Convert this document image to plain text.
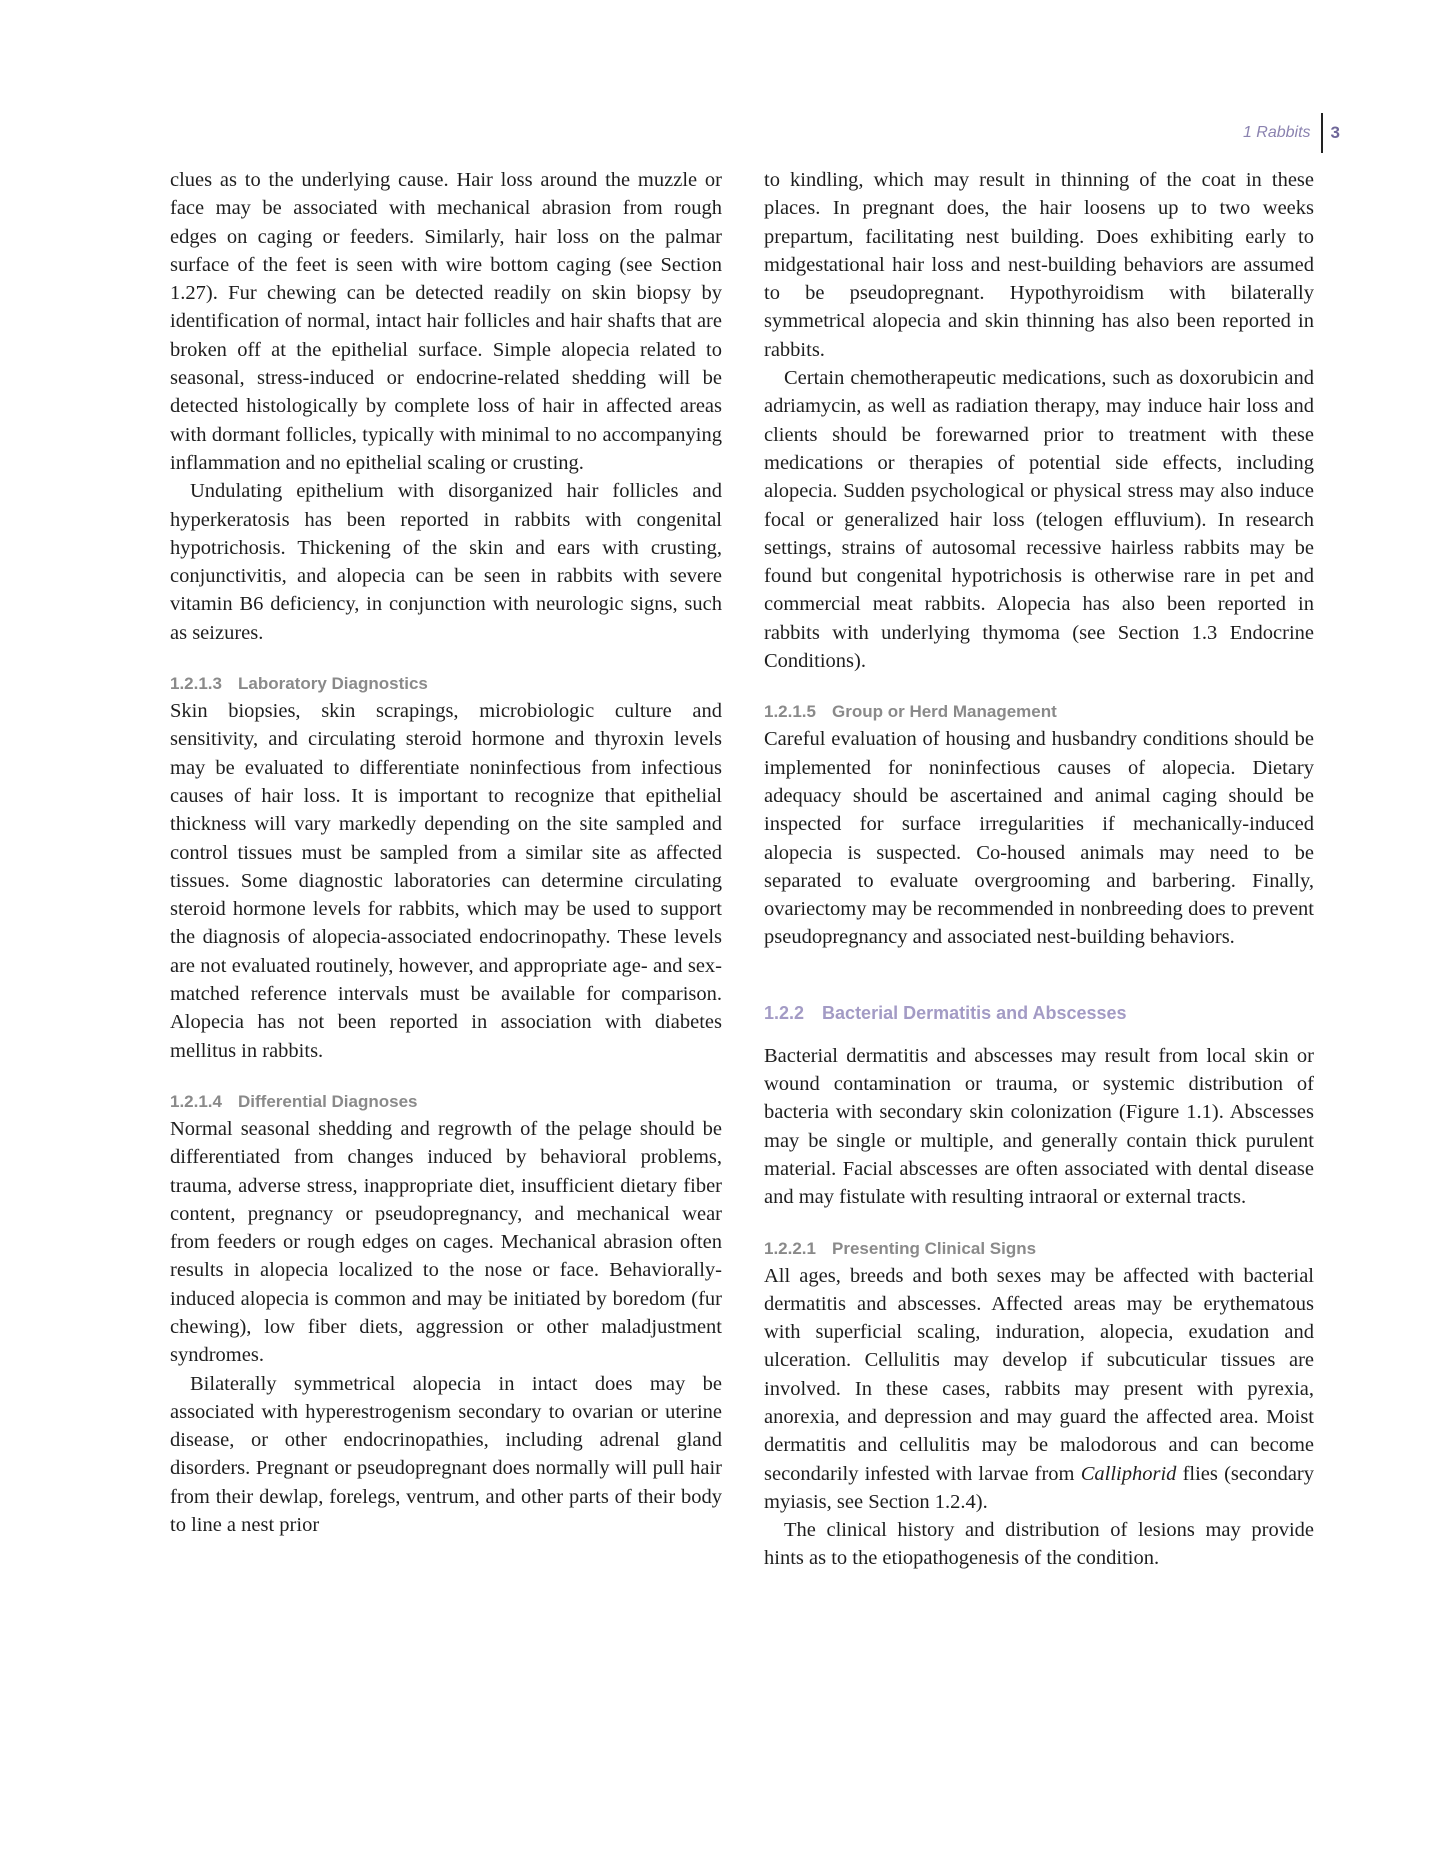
1 Rabbits	3

clues as to the underlying cause. Hair loss around the muzzle or face may be associated with mechanical abrasion from rough edges on caging or feeders. Similarly, hair loss on the palmar surface of the feet is seen with wire bottom caging (see Section 1.27). Fur chewing can be detected readily on skin biopsy by identification of normal, intact hair follicles and hair shafts that are broken off at the epithelial surface. Simple alopecia related to seasonal, stress-induced or endocrine-related shedding will be detected histologically by complete loss of hair in affected areas with dormant follicles, typically with minimal to no accompanying inflammation and no epithelial scaling or crusting.

Undulating epithelium with disorganized hair follicles and hyperkeratosis has been reported in rabbits with congenital hypotrichosis. Thickening of the skin and ears with crusting, conjunctivitis, and alopecia can be seen in rabbits with severe vitamin B6 deficiency, in conjunction with neurologic signs, such as seizures.

1.2.1.3 Laboratory Diagnostics

Skin biopsies, skin scrapings, microbiologic culture and sensitivity, and circulating steroid hormone and thyroxin levels may be evaluated to differentiate noninfectious from infectious causes of hair loss. It is important to recognize that epithelial thickness will vary markedly depending on the site sampled and control tissues must be sampled from a similar site as affected tissues. Some diagnostic laboratories can determine circulating steroid hormone levels for rabbits, which may be used to support the diagnosis of alopecia-associated endocrinopathy. These levels are not evaluated routinely, however, and appropriate age- and sex-matched reference intervals must be available for comparison. Alopecia has not been reported in association with diabetes mellitus in rabbits.

1.2.1.4 Differential Diagnoses

Normal seasonal shedding and regrowth of the pelage should be differentiated from changes induced by behavioral problems, trauma, adverse stress, inappropriate diet, insufficient dietary fiber content, pregnancy or pseudopregnancy, and mechanical wear from feeders or rough edges on cages. Mechanical abrasion often results in alopecia localized to the nose or face. Behaviorally-induced alopecia is common and may be initiated by boredom (fur chewing), low fiber diets, aggression or other maladjustment syndromes.

Bilaterally symmetrical alopecia in intact does may be associated with hyperestrogenism secondary to ovarian or uterine disease, or other endocrinopathies, including adrenal gland disorders. Pregnant or pseudopregnant does normally will pull hair from their dewlap, forelegs, ventrum, and other parts of their body to line a nest prior

to kindling, which may result in thinning of the coat in these places. In pregnant does, the hair loosens up to two weeks prepartum, facilitating nest building. Does exhibiting early to midgestational hair loss and nest-building behaviors are assumed to be pseudopregnant. Hypothyroidism with bilaterally symmetrical alopecia and skin thinning has also been reported in rabbits.

Certain chemotherapeutic medications, such as doxorubicin and adriamycin, as well as radiation therapy, may induce hair loss and clients should be forewarned prior to treatment with these medications or therapies of potential side effects, including alopecia. Sudden psychological or physical stress may also induce focal or generalized hair loss (telogen effluvium). In research settings, strains of autosomal recessive hairless rabbits may be found but congenital hypotrichosis is otherwise rare in pet and commercial meat rabbits. Alopecia has also been reported in rabbits with underlying thymoma (see Section 1.3 Endocrine Conditions).

1.2.1.5 Group or Herd Management

Careful evaluation of housing and husbandry conditions should be implemented for noninfectious causes of alopecia. Dietary adequacy should be ascertained and animal caging should be inspected for surface irregularities if mechanically-induced alopecia is suspected. Co-housed animals may need to be separated to evaluate overgrooming and barbering. Finally, ovariectomy may be recommended in nonbreeding does to prevent pseudopregnancy and associated nest-building behaviors.

1.2.2 Bacterial Dermatitis and Abscesses

Bacterial dermatitis and abscesses may result from local skin or wound contamination or trauma, or systemic distribution of bacteria with secondary skin colonization (Figure 1.1). Abscesses may be single or multiple, and generally contain thick purulent material. Facial abscesses are often associated with dental disease and may fistulate with resulting intraoral or external tracts.

1.2.2.1 Presenting Clinical Signs

All ages, breeds and both sexes may be affected with bacterial dermatitis and abscesses. Affected areas may be erythematous with superficial scaling, induration, alopecia, exudation and ulceration. Cellulitis may develop if subcuticular tissues are involved. In these cases, rabbits may present with pyrexia, anorexia, and depression and may guard the affected area. Moist dermatitis and cellulitis may be malodorous and can become secondarily infested with larvae from Calliphorid flies (secondary myiasis, see Section 1.2.4).

The clinical history and distribution of lesions may provide hints as to the etiopathogenesis of the condition.
